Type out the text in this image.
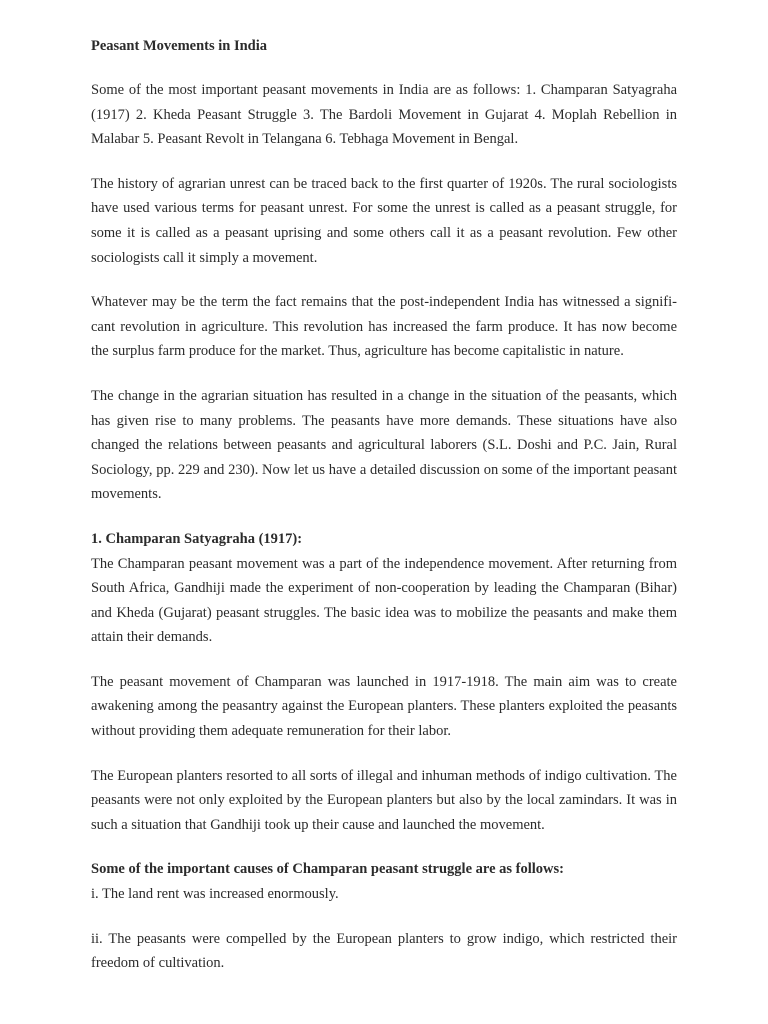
Peasant Movements in India

Some of the most important peasant movements in India are as follows: 1. Champaran Satyagraha (1917) 2. Kheda Peasant Struggle 3. The Bardoli Movement in Gujarat 4. Moplah Rebellion in Malabar 5. Peasant Revolt in Telangana 6. Tebhaga Movement in Bengal.

The history of agrarian unrest can be traced back to the first quarter of 1920s. The rural sociologists have used various terms for peasant unrest. For some the unrest is called as a peasant struggle, for some it is called as a peasant uprising and some others call it as a peasant revolution. Few other sociologists call it simply a movement.

Whatever may be the term the fact remains that the post-independent India has witnessed a signifi-cant revolution in agriculture. This revolution has increased the farm produce. It has now become the surplus farm produce for the market. Thus, agriculture has become capitalistic in nature.

The change in the agrarian situation has resulted in a change in the situation of the peasants, which has given rise to many problems. The peasants have more demands. These situations have also changed the relations between peasants and agricultural laborers (S.L. Doshi and P.C. Jain, Rural Sociology, pp. 229 and 230). Now let us have a detailed discussion on some of the important peasant movements.

1. Champaran Satyagraha (1917):

The Champaran peasant movement was a part of the independence movement. After returning from South Africa, Gandhiji made the experiment of non-cooperation by leading the Champaran (Bihar) and Kheda (Gujarat) peasant struggles. The basic idea was to mobilize the peasants and make them attain their demands.

The peasant movement of Champaran was launched in 1917-1918. The main aim was to create awakening among the peasantry against the European planters. These planters exploited the peasants without providing them adequate remuneration for their labor.

The European planters resorted to all sorts of illegal and inhuman methods of indigo cultivation. The peasants were not only exploited by the European planters but also by the local zamindars. It was in such a situation that Gandhiji took up their cause and launched the movement.

Some of the important causes of Champaran peasant struggle are as follows:

i. The land rent was increased enormously.

ii. The peasants were compelled by the European planters to grow indigo, which restricted their freedom of cultivation.
